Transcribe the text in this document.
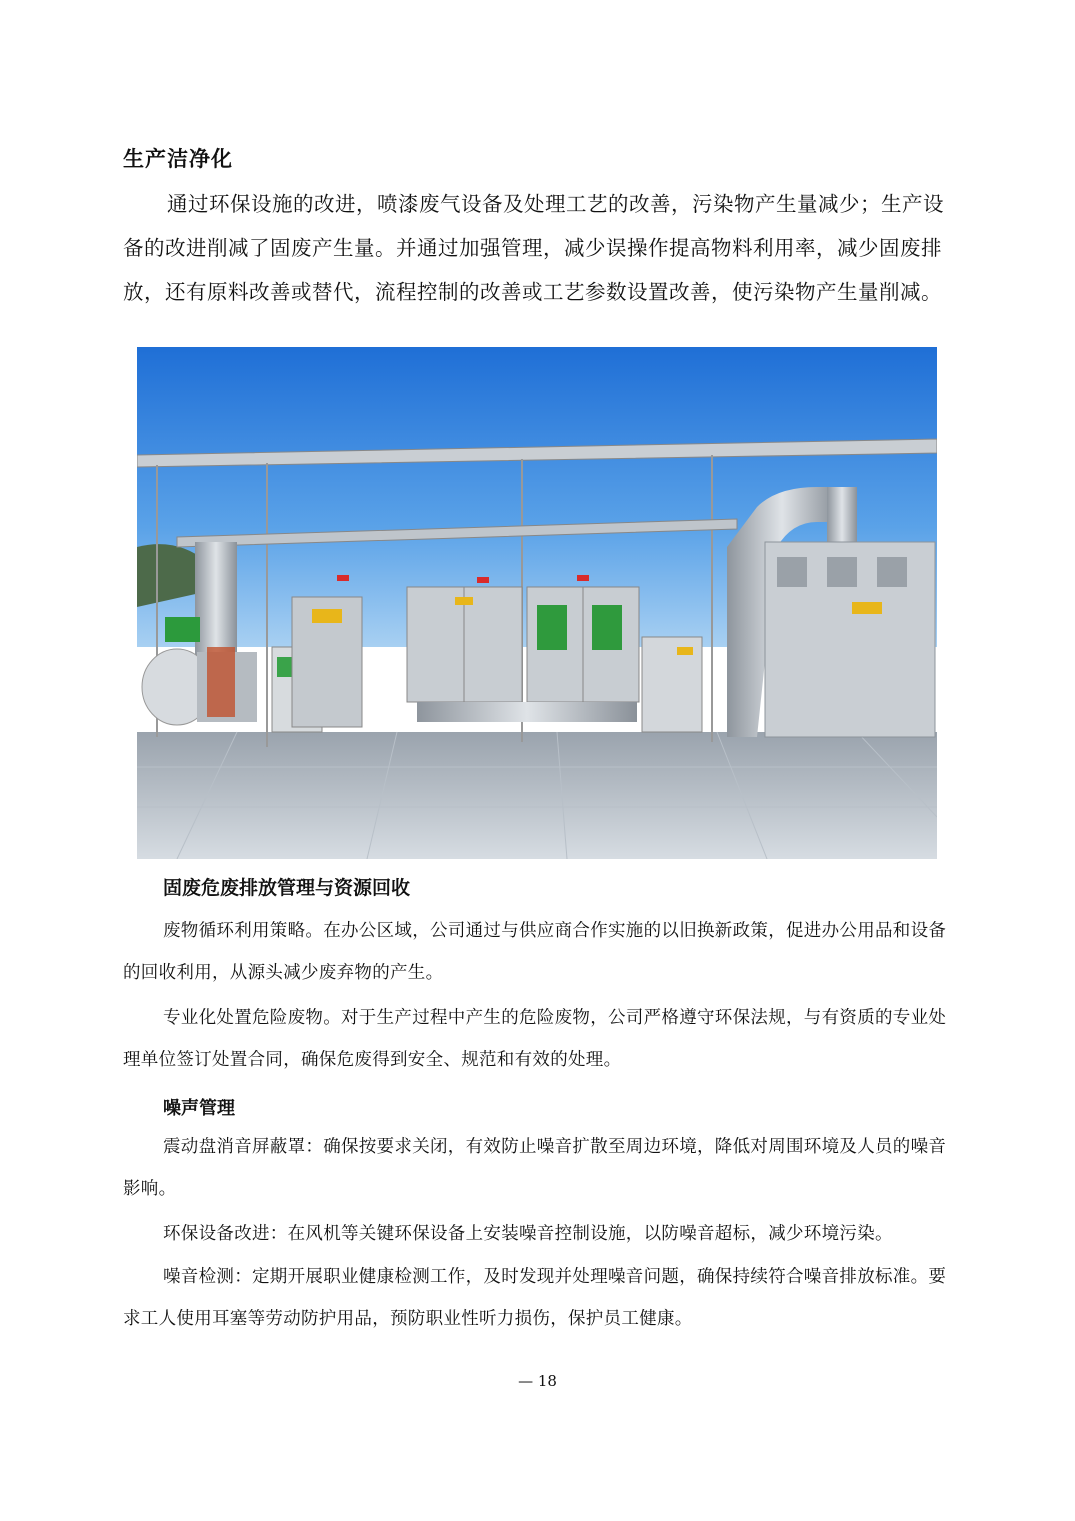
生产洁净化

通过环保设施的改进，喷漆废气设备及处理工艺的改善，污染物产生量减少；生产设备的改进削减了固废产生量。并通过加强管理，减少误操作提高物料利用率，减少固废排放，还有原料改善或替代，流程控制的改善或工艺参数设置改善，使污染物产生量削减。

固废危废排放管理与资源回收

废物循环利用策略。在办公区域，公司通过与供应商合作实施的以旧换新政策，促进办公用品和设备的回收利用，从源头减少废弃物的产生。

专业化处置危险废物。对于生产过程中产生的危险废物，公司严格遵守环保法规，与有资质的专业处理单位签订处置合同，确保危废得到安全、规范和有效的处理。

噪声管理

震动盘消音屏蔽罩：确保按要求关闭，有效防止噪音扩散至周边环境，降低对周围环境及人员的噪音影响。

环保设备改进：在风机等关键环保设备上安装噪音控制设施，以防噪音超标，减少环境污染。

噪音检测：定期开展职业健康检测工作，及时发现并处理噪音问题，确保持续符合噪音排放标准。要求工人使用耳塞等劳动防护用品，预防职业性听力损伤，保护员工健康。

— 18
